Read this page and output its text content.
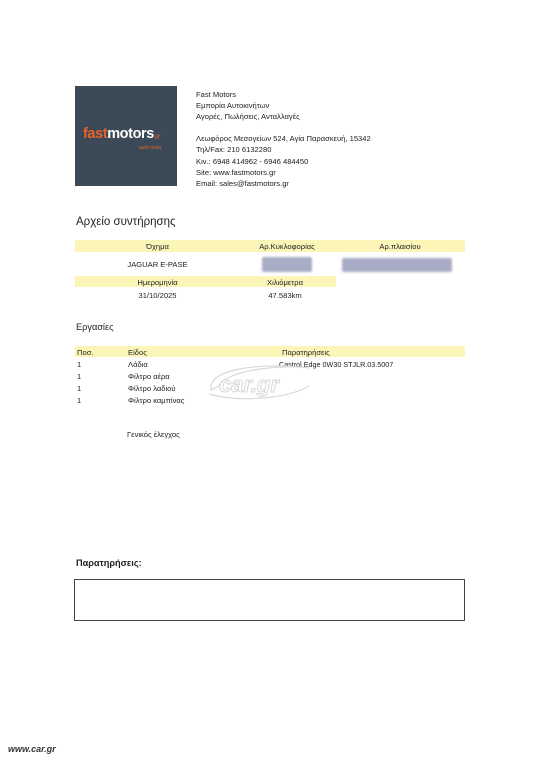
fastmotors.gr
auto moto
Fast Motors
Εμπορία Αυτοκινήτων
Αγορές, Πωλήσεις, Ανταλλαγές
Λεωφόρος Μεσογείων 524, Αγία Παρασκευή, 15342
Τηλ/Fax: 210 6132280
Κιν.: 6948 414962 - 6946 484450
Site: www.fastmotors.gr
Email: sales@fastmotors.gr
Αρχείο συντήρησης
Όχημα	Αρ.Κυκλοφορίας	Αρ.πλαισίου
JAGUAR E-PASE
Ημερομηνία	Χιλιόμετρα
31/10/2025	47.583km
Εργασίες
Ποσ.	Είδος	Παρατηρήσεις
1	Λάδια	Castrol Edge 0W30 STJLR.03.5007
1	Φίλτρο αέρα
1	Φίλτρο λαδιού
1	Φίλτρο καμπίνας
Γενικός έλεγχος
car.gr
Παρατηρήσεις:
www.car.gr
